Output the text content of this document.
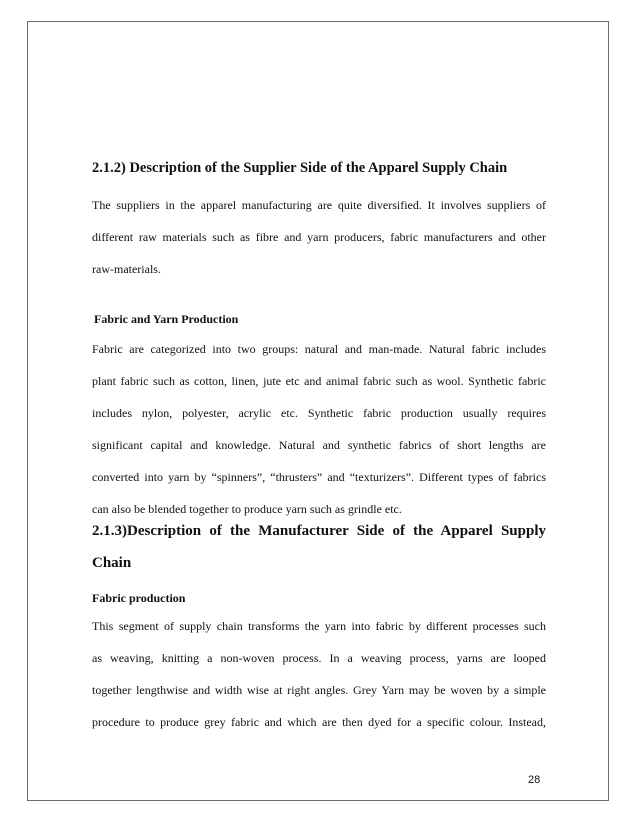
2.1.2) Description of the Supplier Side of the Apparel Supply Chain
The suppliers in the apparel manufacturing are quite diversified. It involves suppliers of
different raw materials such as fibre and yarn producers, fabric manufacturers and other
raw-materials.
Fabric and Yarn Production
Fabric are categorized into two groups: natural and man-made. Natural fabric includes
plant fabric such as cotton, linen, jute etc and animal fabric such as wool. Synthetic fabric
includes nylon, polyester, acrylic etc. Synthetic fabric production usually requires
significant capital and knowledge. Natural and synthetic fabrics of short lengths are
converted into yarn by “spinners”, “thrusters” and “texturizers”. Different types of fabrics
can also be blended together to produce yarn such as grindle etc.
2.1.3)Description of the Manufacturer Side of the Apparel Supply
Chain
Fabric production
This segment of supply chain transforms the yarn into fabric by different processes such
as weaving, knitting a non-woven process. In a weaving process, yarns are looped
together lengthwise and width wise at right angles. Grey Yarn may be woven by a simple
procedure to produce grey fabric and which are then dyed for a specific colour. Instead,
28
